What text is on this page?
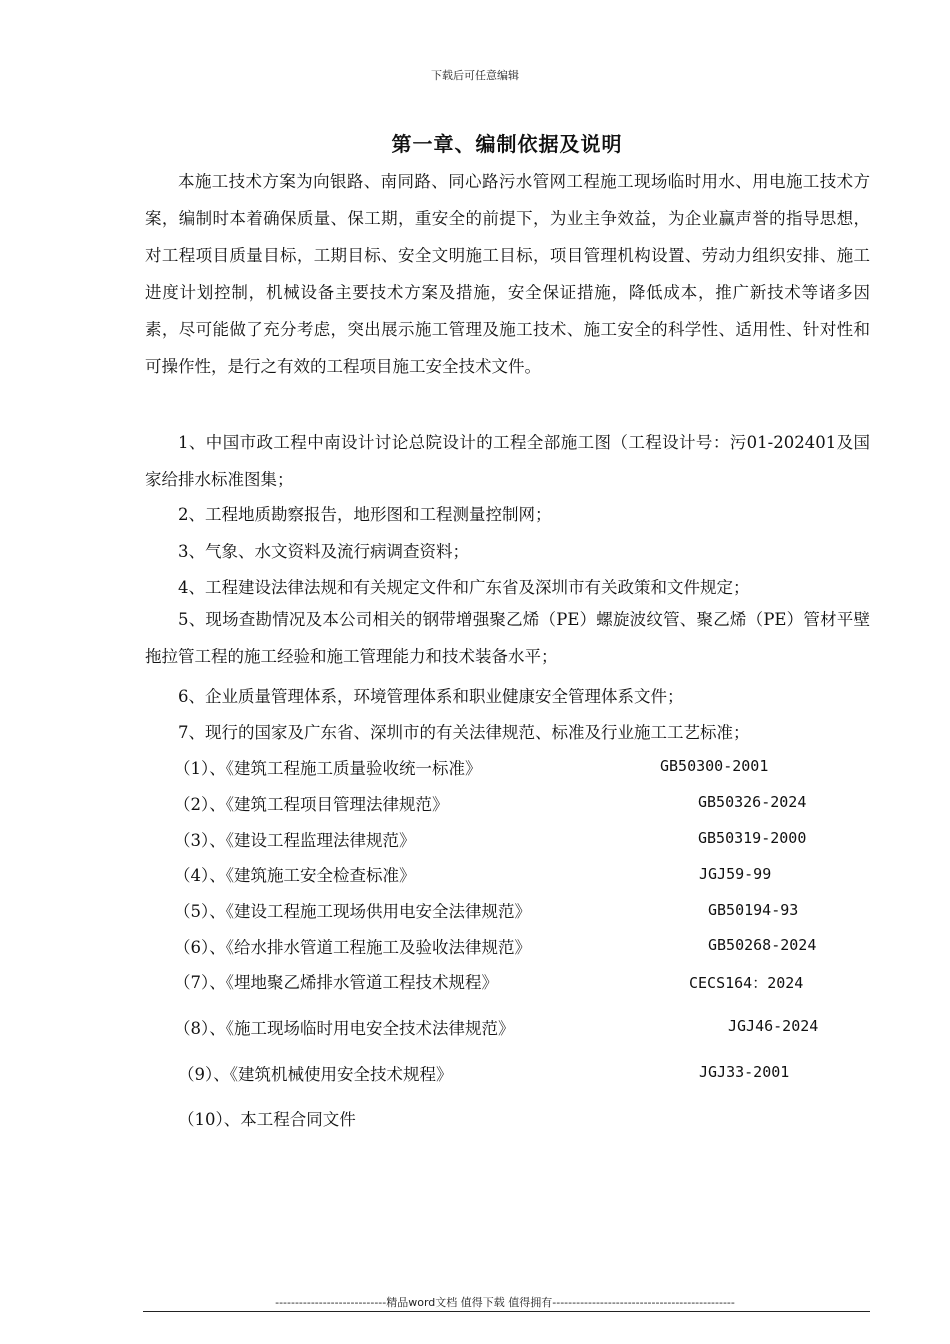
下载后可任意编辑
第一章、编制依据及说明

本施工技术方案为向银路、南同路、同心路污水管网工程施工现场临时用水、用电施工技术方案，编制时本着确保质量、保工期，重安全的前提下，为业主争效益，为企业赢声誉的指导思想，对工程项目质量目标，工期目标、安全文明施工目标，项目管理机构设置、劳动力组织安排、施工进度计划控制，机械设备主要技术方案及措施，安全保证措施，降低成本，推广新技术等诸多因素，尽可能做了充分考虑，突出展示施工管理及施工技术、施工安全的科学性、适用性、针对性和可操作性，是行之有效的工程项目施工安全技术文件。

1、中国市政工程中南设计讨论总院设计的工程全部施工图（工程设计号：污01-202401及国家给排水标准图集；

2、工程地质勘察报告，地形图和工程测量控制网；
3、气象、水文资料及流行病调查资料；
4、工程建设法律法规和有关规定文件和广东省及深圳市有关政策和文件规定；

5、现场查勘情况及本公司相关的钢带增强聚乙烯（PE）螺旋波纹管、聚乙烯（PE）管材平壁拖拉管工程的施工经验和施工管理能力和技术装备水平；

6、企业质量管理体系，环境管理体系和职业健康安全管理体系文件；
7、现行的国家及广东省、深圳市的有关法律规范、标准及行业施工工艺标准；
（1）、《建筑工程施工质量验收统一标准》	GB50300-2001
（2）、《建筑工程项目管理法律规范》	GB50326-2024
（3）、《建设工程监理法律规范》	GB50319-2000
（4）、《建筑施工安全检查标准》	JGJ59-99
（5）、《建设工程施工现场供用电安全法律规范》	GB50194-93
（6）、《给水排水管道工程施工及验收法律规范》	GB50268-2024
（7）、《埋地聚乙烯排水管道工程技术规程》	CECS164：2024
（8）、《施工现场临时用电安全技术法律规范》	JGJ46-2024
（9）、《建筑机械使用安全技术规程》	JGJ33-2001
（10）、本工程合同文件
----------------------------精品word文档 值得下载 值得拥有----------------------------------------------
